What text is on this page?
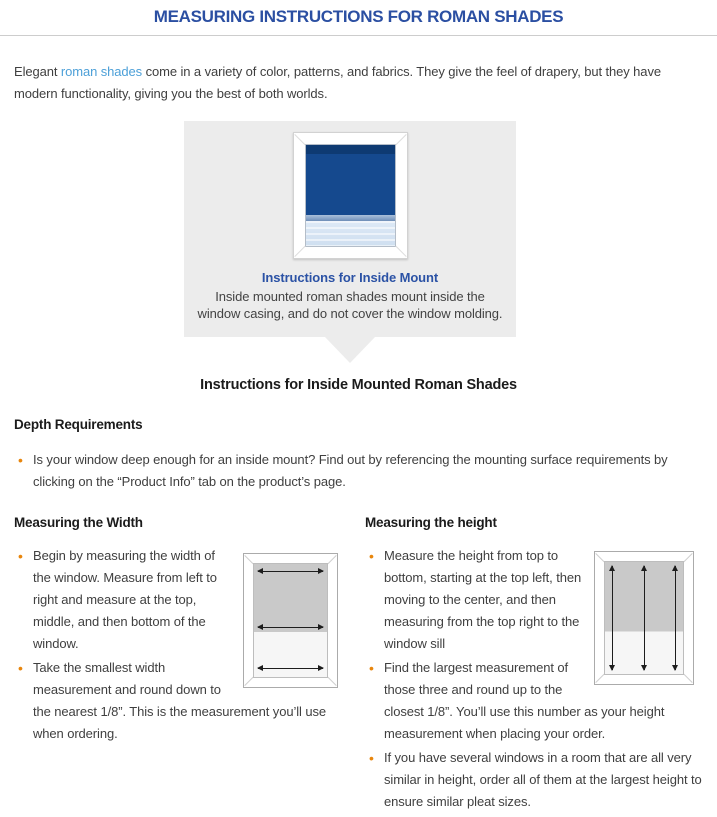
MEASURING INSTRUCTIONS FOR ROMAN SHADES

Elegant roman shades come in a variety of color, patterns, and fabrics. They give the feel of drapery, but they have modern functionality, giving you the best of both worlds.

Instructions for Inside Mount

Inside mounted roman shades mount inside the window casing, and do not cover the window molding.

Instructions for Inside Mounted Roman Shades
Depth Requirements
• Is your window deep enough for an inside mount? Find out by referencing the mounting surface requirements by clicking on the “Product Info” tab on the product’s page.
Measuring the Width
• Begin by measuring the width of the window. Measure from left to right and measure at the top, middle, and then bottom of the window.
• Take the smallest width measurement and round down to the nearest 1/8”. This is the measurement you’ll use when ordering.
Measuring the height
• Measure the height from top to bottom, starting at the top left, then moving to the center, and then measuring from the top right to the window sill
• Find the largest measurement of those three and round up to the closest 1/8”. You’ll use this number as your height measurement when placing your order.
• If you have several windows in a room that are all very similar in height, order all of them at the largest height to ensure similar pleat sizes.
